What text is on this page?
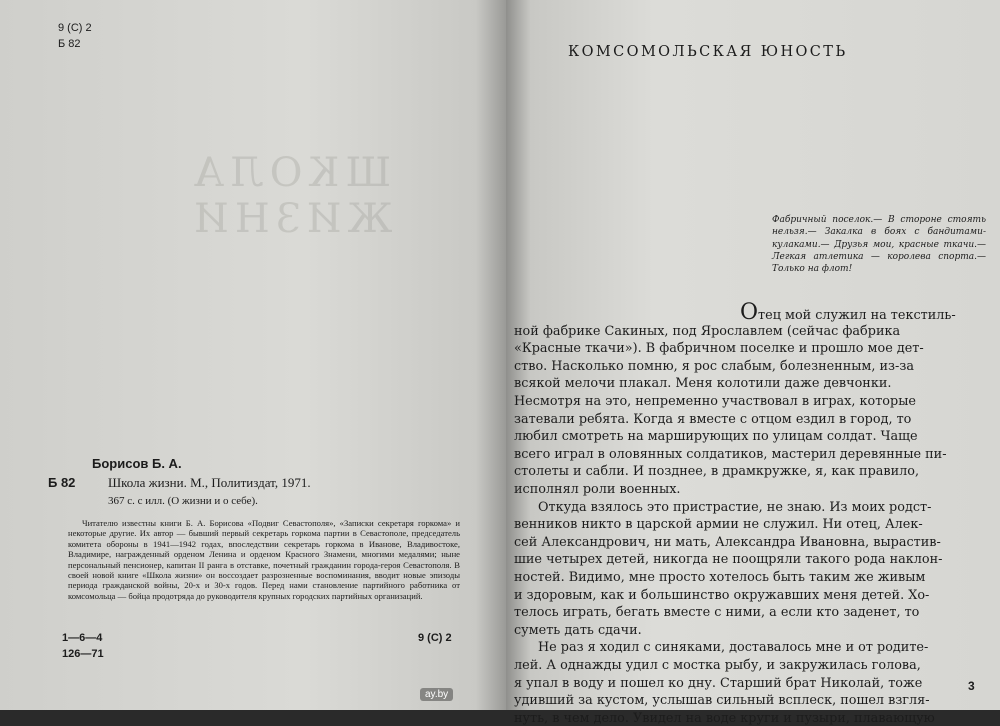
9 (С) 2
Б 82
ШКОЛА
ЖИЗНИ
Борисов Б. А.
Б 82	Школа жизни. М., Политиздат, 1971.
367 с. с илл. (О жизни и о себе).
Читателю известны книги Б. А. Борисова «Подвиг Севастополя», «Записки секретаря горкома» и некоторые другие. Их автор — бывший первый секретарь горкома партии в Севастополе, председатель комитета обороны в 1941—1942 годах, впоследствии секретарь горкома в Иванове, Владивостоке, Владимире, награжденный орденом Ленина и орденом Красного Знамени, многими медалями; ныне персональный пенсионер, капитан II ранга в отставке, почетный гражданин города-героя Севастополя. В своей новой книге «Школа жизни» он воссоздает разрозненные воспоминания, вводит новые эпизоды периода гражданской войны, 20-х и 30-х годов. Перед нами становление партийного работника от комсомольца — бойца продотряда до руководителя крупных городских партийных организаций.
1—6—4
126—71
9 (С) 2
КОМСОМОЛЬСКАЯ ЮНОСТЬ
Фабричный поселок.— В стороне стоять нельзя.— Закалка в боях с бандитами-кулаками.— Друзья мои, красные ткачи.— Легкая атлетика — королева спорта.— Только на флот!
Отец мой служил на текстиль-
ной фабрике Сакиных, под Ярославлем (сейчас фабрика
«Красные ткачи»). В фабричном поселке и прошло мое дет-
ство. Насколько помню, я рос слабым, болезненным, из-за
всякой мелочи плакал. Меня колотили даже девчонки.
Несмотря на это, непременно участвовал в играх, которые
затевали ребята. Когда я вместе с отцом ездил в город, то
любил смотреть на марширующих по улицам солдат. Чаще
всего играл в оловянных солдатиков, мастерил деревянные пи-
столеты и сабли. И позднее, в драмкружке, я, как правило,
исполнял роли военных.
Откуда взялось это пристрастие, не знаю. Из моих родст-
венников никто в царской армии не служил. Ни отец, Алек-
сей Александрович, ни мать, Александра Ивановна, вырастив-
шие четырех детей, никогда не поощряли такого рода наклон-
ностей. Видимо, мне просто хотелось быть таким же живым
и здоровым, как и большинство окружавших меня детей. Хо-
телось играть, бегать вместе с ними, а если кто заденет, то
суметь дать сдачи.
Не раз я ходил с синяками, доставалось мне и от родите-
лей. А однажды удил с мостка рыбу, и закружилась голова,
я упал в воду и пошел ко дну. Старший брат Николай, тоже
удивший за кустом, услышав сильный всплеск, пошел взгля-
нуть, в чем дело. Увидел на воде круги и пузыри, плавающую
3
ay.by
